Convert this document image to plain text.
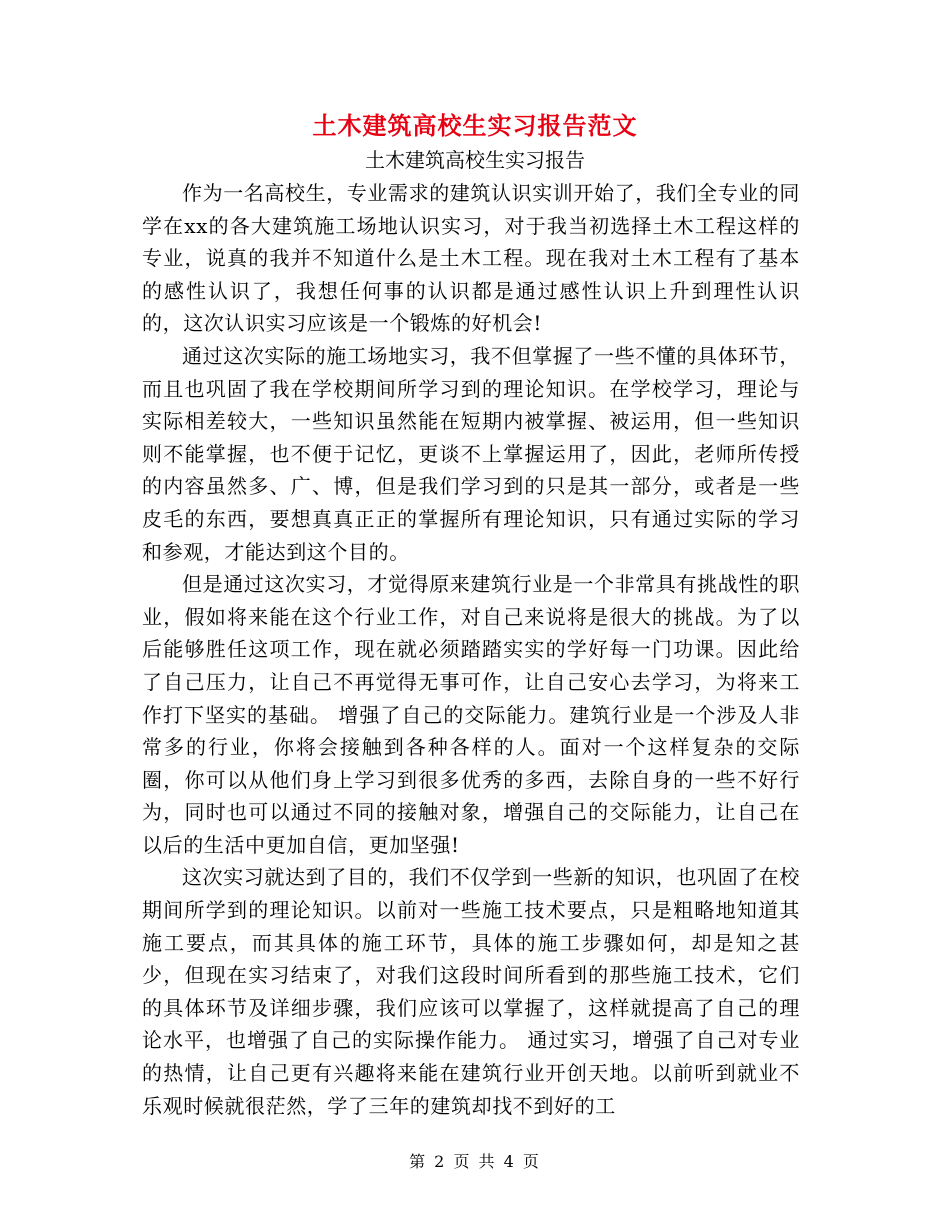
土木建筑高校生实习报告范文
土木建筑高校生实习报告

作为一名高校生，专业需求的建筑认识实训开始了，我们全专业的同学在xx的各大建筑施工场地认识实习，对于我当初选择土木工程这样的专业，说真的我并不知道什么是土木工程。现在我对土木工程有了基本的感性认识了，我想任何事的认识都是通过感性认识上升到理性认识的，这次认识实习应该是一个锻炼的好机会!

通过这次实际的施工场地实习，我不但掌握了一些不懂的具体环节，而且也巩固了我在学校期间所学习到的理论知识。在学校学习，理论与实际相差较大，一些知识虽然能在短期内被掌握、被运用，但一些知识则不能掌握，也不便于记忆，更谈不上掌握运用了，因此，老师所传授的内容虽然多、广、博，但是我们学习到的只是其一部分，或者是一些皮毛的东西，要想真真正正的掌握所有理论知识，只有通过实际的学习和参观，才能达到这个目的。

但是通过这次实习，才觉得原来建筑行业是一个非常具有挑战性的职业，假如将来能在这个行业工作，对自己来说将是很大的挑战。为了以后能够胜任这项工作，现在就必须踏踏实实的学好每一门功课。因此给了自己压力，让自己不再觉得无事可作，让自己安心去学习，为将来工作打下坚实的基础。 增强了自己的交际能力。建筑行业是一个涉及人非常多的行业，你将会接触到各种各样的人。面对一个这样复杂的交际圈，你可以从他们身上学习到很多优秀的多西，去除自身的一些不好行为，同时也可以通过不同的接触对象，增强自己的交际能力，让自己在以后的生活中更加自信，更加坚强!

这次实习就达到了目的，我们不仅学到一些新的知识，也巩固了在校期间所学到的理论知识。以前对一些施工技术要点，只是粗略地知道其施工要点，而其具体的施工环节，具体的施工步骤如何，却是知之甚少，但现在实习结束了，对我们这段时间所看到的那些施工技术，它们的具体环节及详细步骤，我们应该可以掌握了，这样就提高了自己的理论水平，也增强了自己的实际操作能力。 通过实习，增强了自己对专业的热情，让自己更有兴趣将来能在建筑行业开创天地。以前听到就业不乐观时候就很茫然，学了三年的建筑却找不到好的工

第 2 页 共 4 页
